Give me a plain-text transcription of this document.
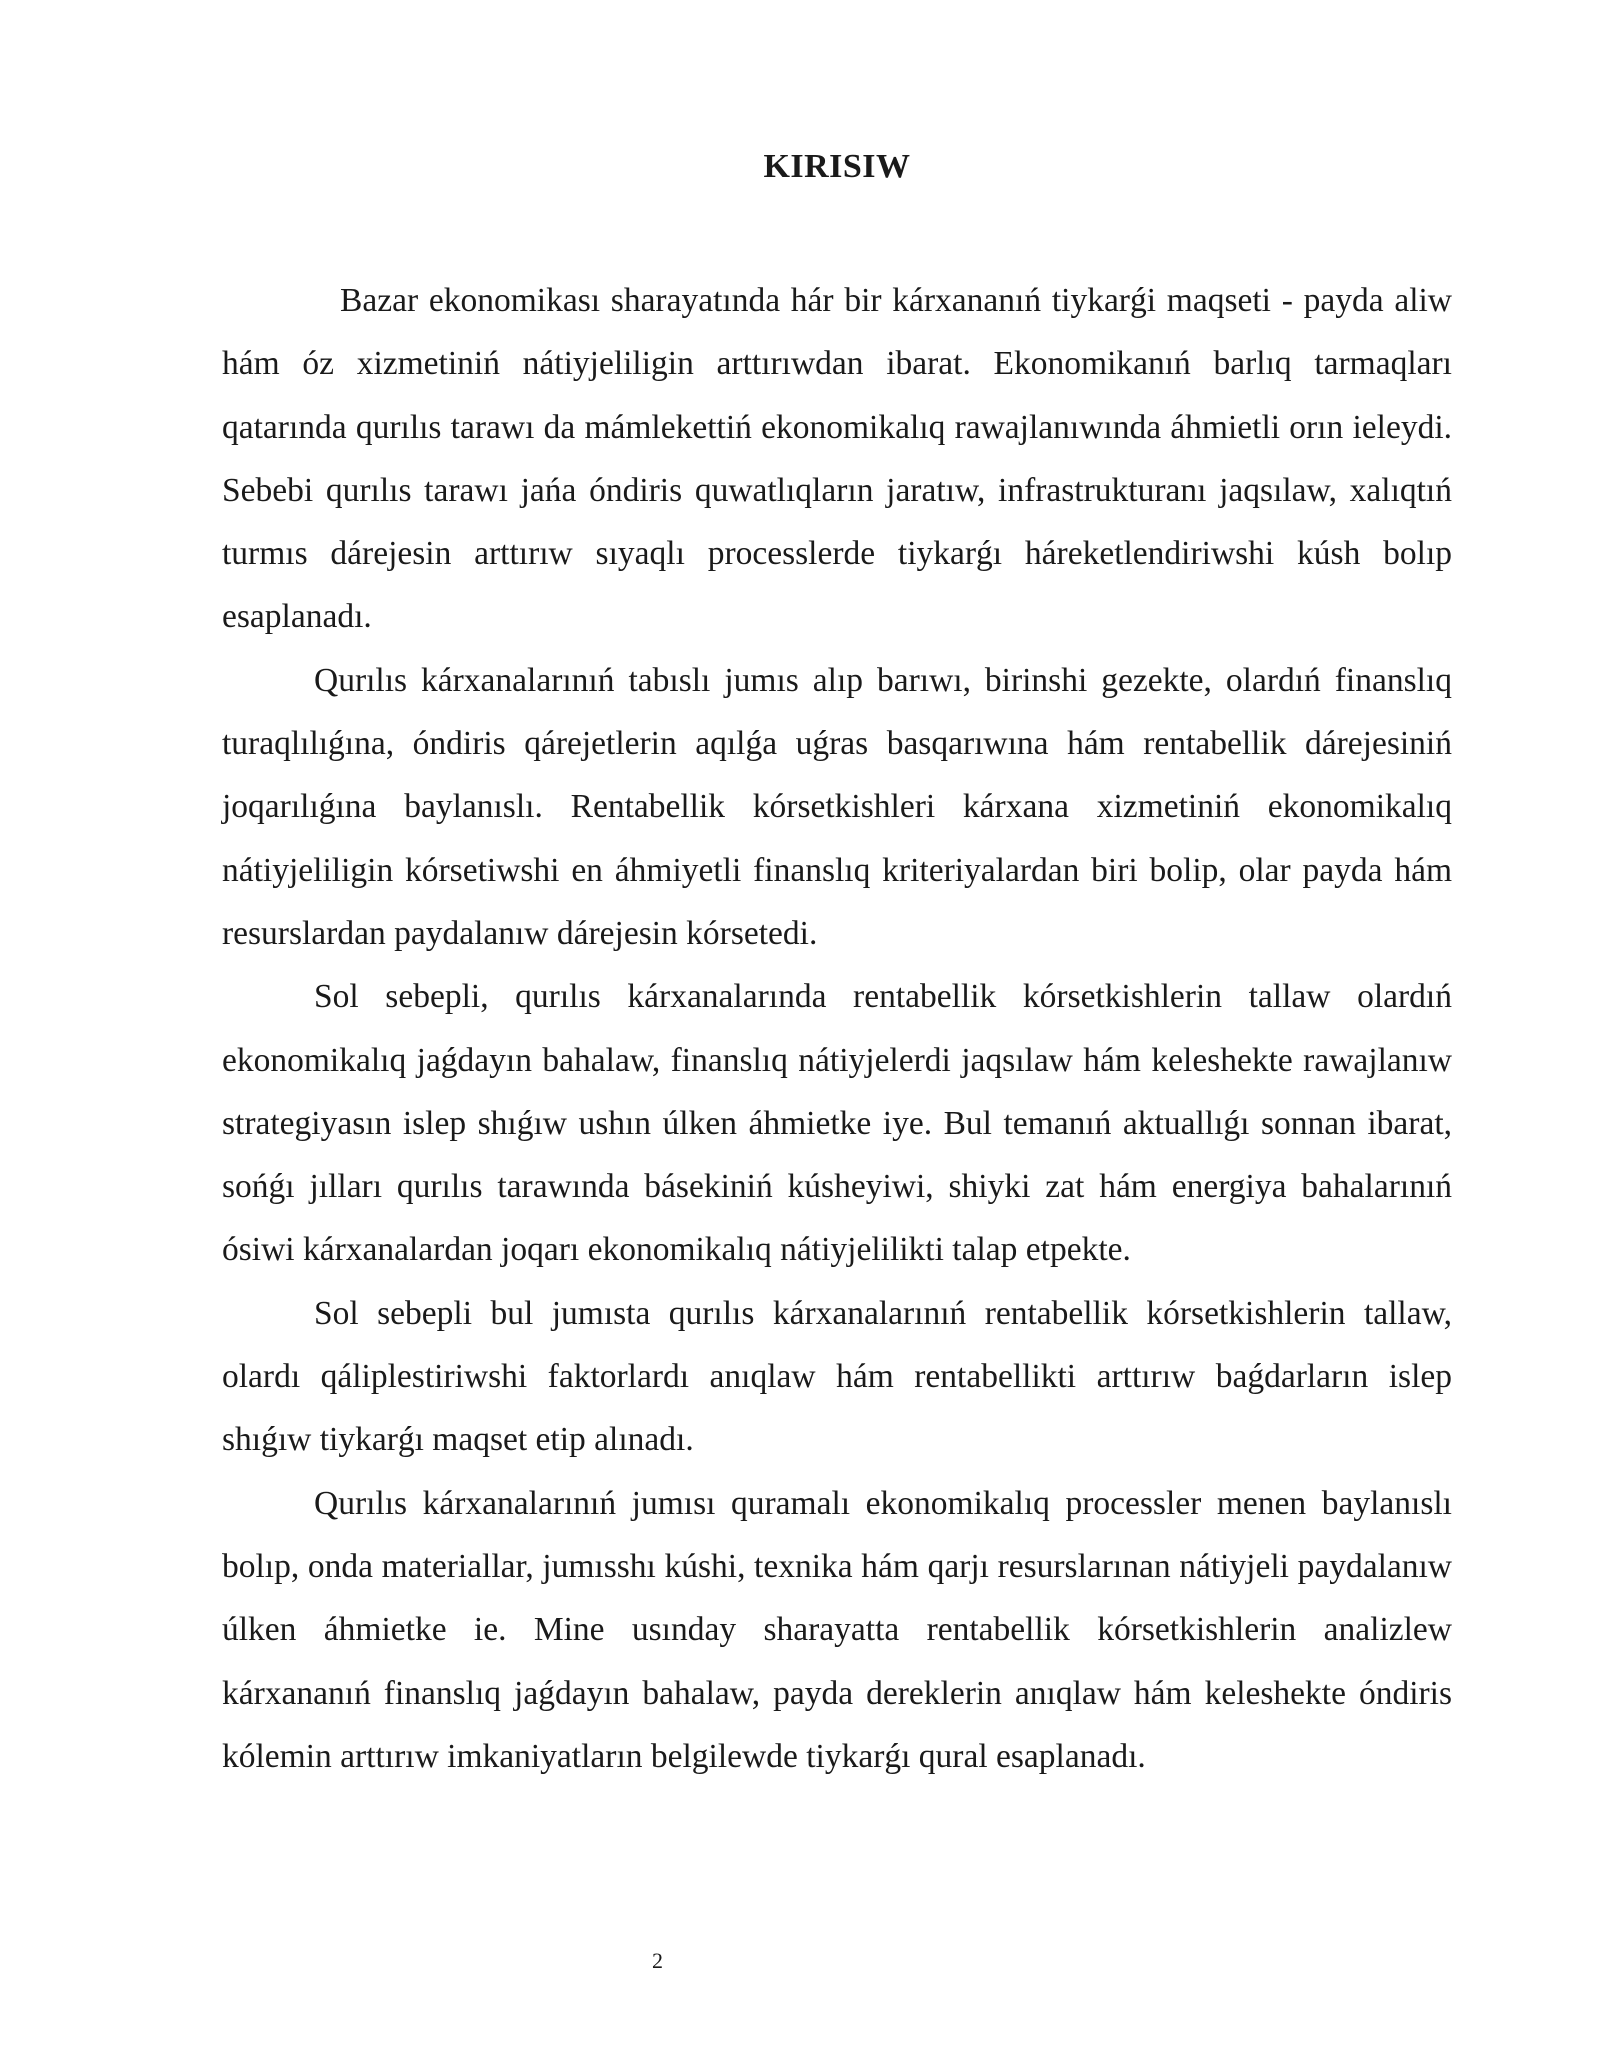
KIRISIW

Bazar ekonomikası sharayatında hár bir kárxananıń tiykarǵi maqseti - payda aliw hám óz xizmetiniń nátiyjeliligin arttırıwdan ibarat. Ekonomikanıń barlıq tarmaqları qatarında qurılıs tarawı da mámlekettiń ekonomikalıq rawajlanıwında áhmietli orın ieleydi. Sebebi qurılıs tarawı jańa óndiris quwatlıqların jaratıw, infrastrukturanı jaqsılaw, xalıqtıń turmıs dárejesin arttırıw sıyaqlı processlerde tiykarǵı háreketlendiriwshi kúsh bolıp esaplanadı.

Qurılıs kárxanalarınıń tabıslı jumıs alıp barıwı, birinshi gezekte, olardıń finanslıq turaqlılıǵına, óndiris qárejetlerin aqılǵa uǵras basqarıwına hám rentabellik dárejesiniń joqarılıǵına baylanıslı. Rentabellik kórsetkishleri kárxana xizmetiniń ekonomikalıq nátiyjeliligin kórsetiwshi en áhmiyetli finanslıq kriteriyalardan biri bolip, olar payda hám resurslardan paydalanıw dárejesin kórsetedi.

Sol sebepli, qurılıs kárxanalarında rentabellik kórsetkishlerin tallaw olardıń ekonomikalıq jaǵdayın bahalaw, finanslıq nátiyjelerdi jaqsılaw hám keleshekte rawajlanıw strategiyasın islep shıǵıw ushın úlken áhmietke iye. Bul temanıń aktuallıǵı sonnan ibarat, sońǵı jılları qurılıs tarawında básekiniń kúsheyiwi, shiyki zat hám energiya bahalarınıń ósiwi kárxanalardan joqarı ekonomikalıq nátiyjelilikti talap etpekte.

Sol sebepli bul jumısta qurılıs kárxanalarınıń rentabellik kórsetkishlerin tallaw, olardı qáliplestiriwshi faktorlardı anıqlaw hám rentabellikti arttırıw baǵdarların islep shıǵıw tiykarǵı maqset etip alınadı.

Qurılıs kárxanalarınıń jumısı quramalı ekonomikalıq processler menen baylanıslı bolıp, onda materiallar, jumısshı kúshi, texnika hám qarjı resurslarınan nátiyjeli paydalanıw úlken áhmietke ie. Mine usınday sharayatta rentabellik kórsetkishlerin analizlew kárxananıń finanslıq jaǵdayın bahalaw, payda dereklerin anıqlaw hám keleshekte óndiris kólemin arttırıw imkaniyatların belgilewde tiykarǵı qural esaplanadı.

2
